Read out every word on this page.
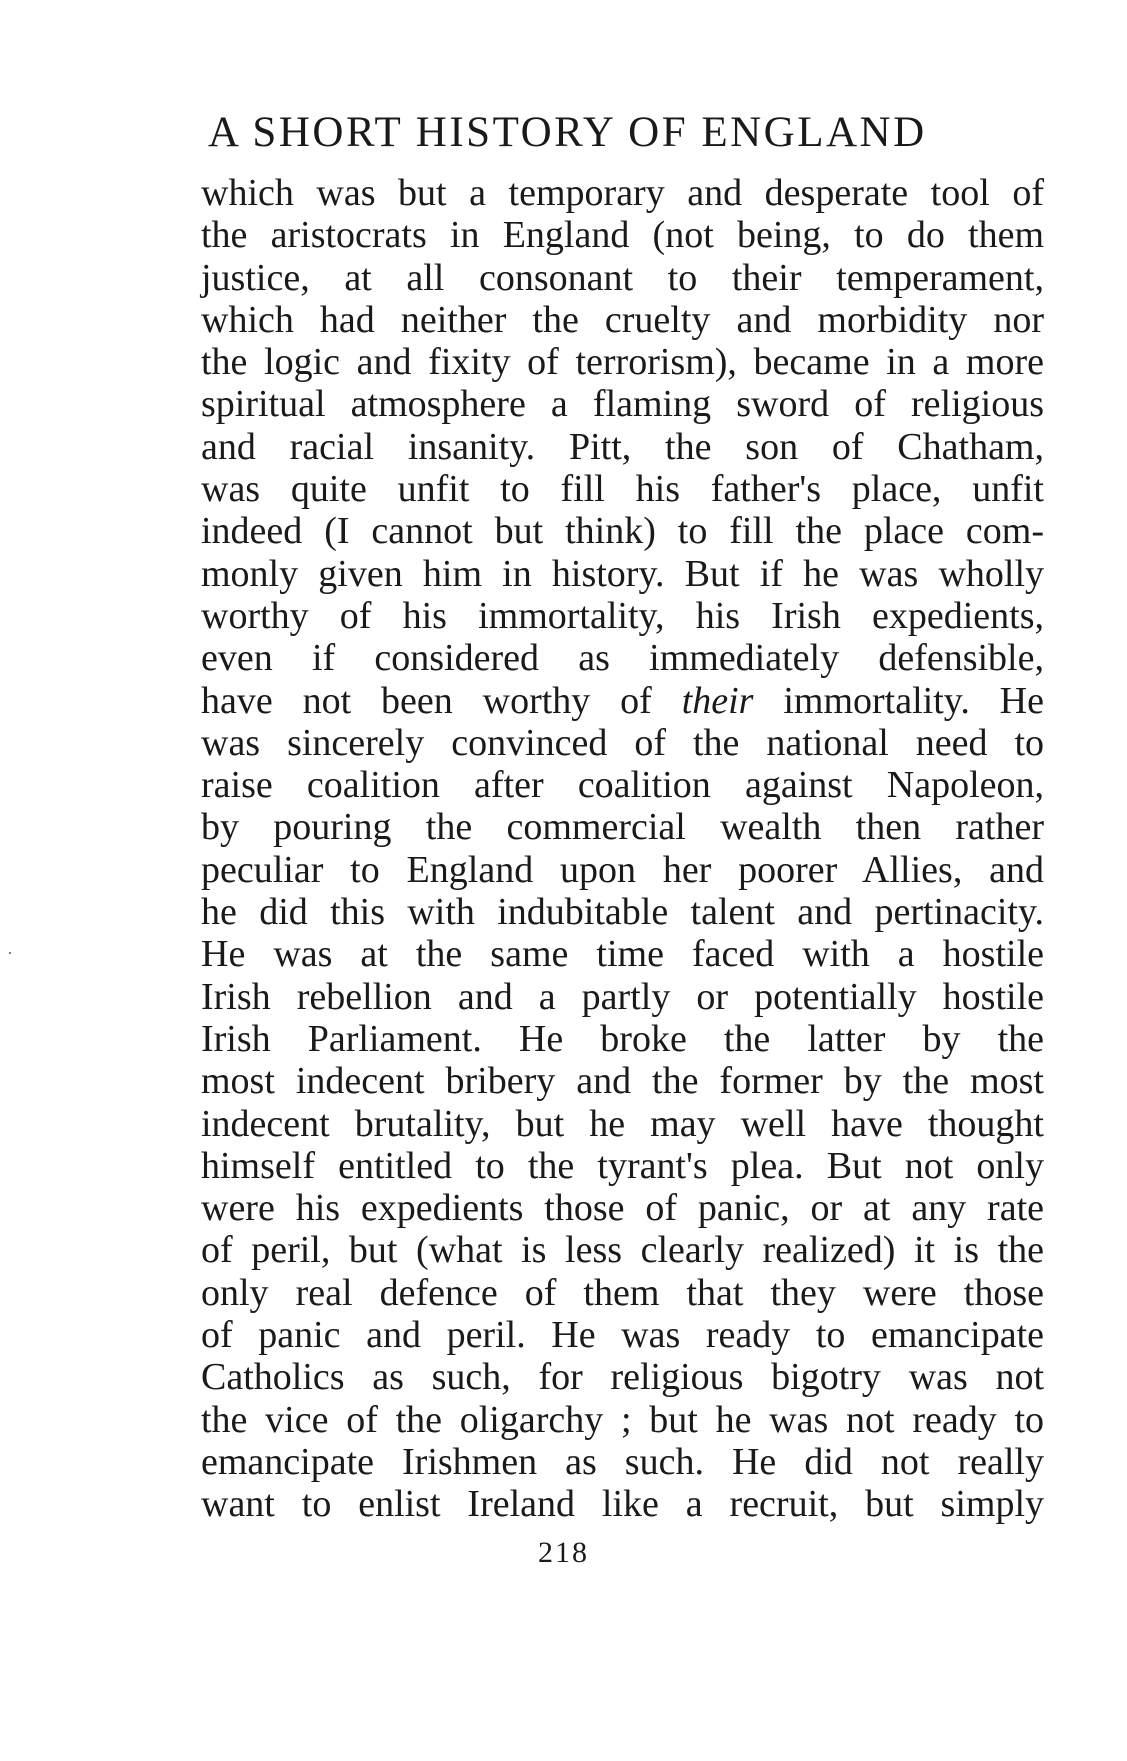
A SHORT HISTORY OF ENGLAND
which was but a temporary and desperate tool of
the aristocrats in England (not being, to do them
justice, at all consonant to their temperament,
which had neither the cruelty and morbidity nor
the logic and fixity of terrorism), became in a more
spiritual atmosphere a flaming sword of religious
and racial insanity. Pitt, the son of Chatham,
was quite unfit to fill his father's place, unfit
indeed (I cannot but think) to fill the place com-
monly given him in history. But if he was wholly
worthy of his immortality, his Irish expedients,
even if considered as immediately defensible,
have not been worthy of their immortality. He
was sincerely convinced of the national need to
raise coalition after coalition against Napoleon,
by pouring the commercial wealth then rather
peculiar to England upon her poorer Allies, and
he did this with indubitable talent and pertinacity.
He was at the same time faced with a hostile
Irish rebellion and a partly or potentially hostile
Irish Parliament. He broke the latter by the
most indecent bribery and the former by the most
indecent brutality, but he may well have thought
himself entitled to the tyrant's plea. But not only
were his expedients those of panic, or at any rate
of peril, but (what is less clearly realized) it is the
only real defence of them that they were those
of panic and peril. He was ready to emancipate
Catholics as such, for religious bigotry was not
the vice of the oligarchy ; but he was not ready to
emancipate Irishmen as such. He did not really
want to enlist Ireland like a recruit, but simply
218
